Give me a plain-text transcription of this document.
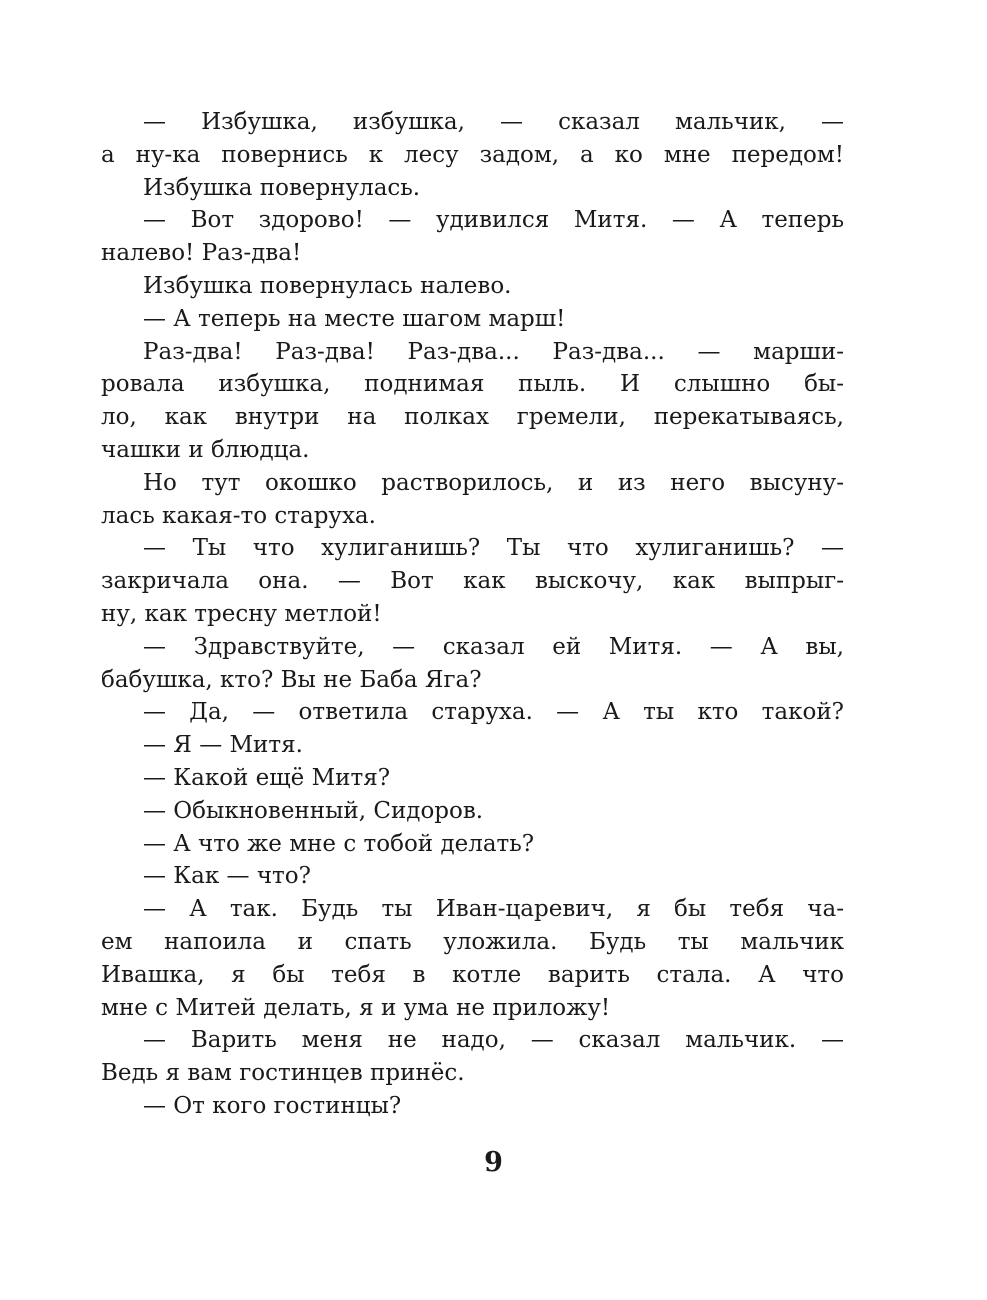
— Избушка, избушка, — сказал мальчик, —
а ну-ка повернись к лесу задом, а ко мне передом!
Избушка повернулась.
— Вот здорово! — удивился Митя. — А теперь
налево! Раз-два!
Избушка повернулась налево.
— А теперь на месте шагом марш!
Раз-два! Раз-два! Раз-два... Раз-два... — марши-
ровала избушка, поднимая пыль. И слышно бы-
ло, как внутри на полках гремели, перекатываясь,
чашки и блюдца.
Но тут окошко растворилось, и из него высуну-
лась какая-то старуха.
— Ты что хулиганишь? Ты что хулиганишь? —
закричала она. — Вот как выскочу, как выпрыг-
ну, как тресну метлой!
— Здравствуйте, — сказал ей Митя. — А вы,
бабушка, кто? Вы не Баба Яга?
— Да, — ответила старуха. — А ты кто такой?
— Я — Митя.
— Какой ещё Митя?
— Обыкновенный, Сидоров.
— А что же мне с тобой делать?
— Как — что?
— А так. Будь ты Иван-царевич, я бы тебя ча-
ем напоила и спать уложила. Будь ты мальчик
Ивашка, я бы тебя в котле варить стала. А что
мне с Митей делать, я и ума не приложу!
— Варить меня не надо, — сказал мальчик. —
Ведь я вам гостинцев принёс.
— От кого гостинцы?
9
